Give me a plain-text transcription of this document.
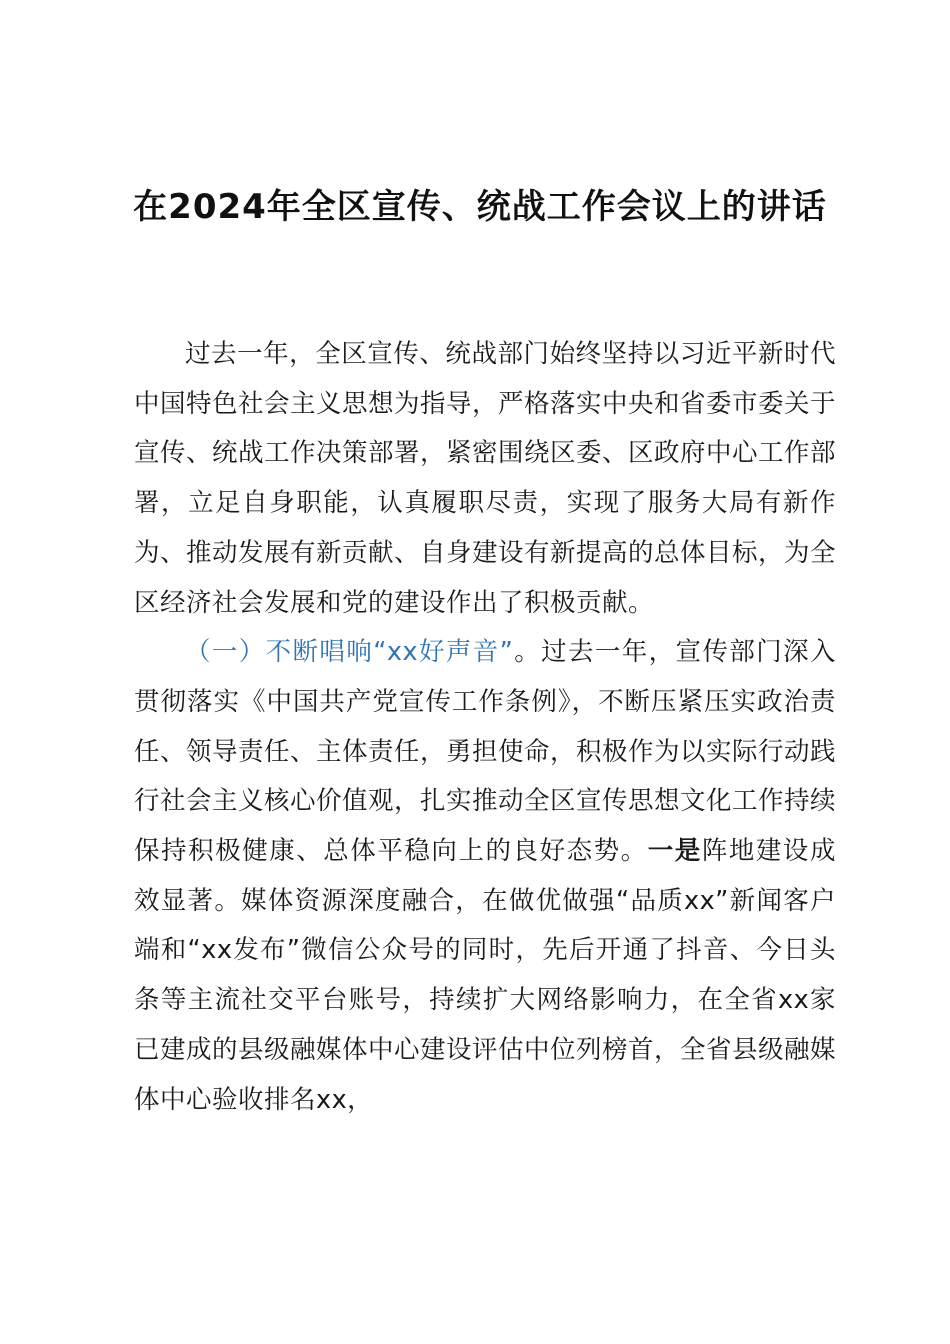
在2024年全区宣传、统战工作会议上的讲话

过去一年，全区宣传、统战部门始终坚持以习近平新时代中国特色社会主义思想为指导，严格落实中央和省委市委关于宣传、统战工作决策部署，紧密围绕区委、区政府中心工作部署，立足自身职能，认真履职尽责，实现了服务大局有新作为、推动发展有新贡献、自身建设有新提高的总体目标，为全区经济社会发展和党的建设作出了积极贡献。

（一）不断唱响“xx好声音”。过去一年，宣传部门深入贯彻落实《中国共产党宣传工作条例》，不断压紧压实政治责任、领导责任、主体责任，勇担使命，积极作为以实际行动践行社会主义核心价值观，扎实推动全区宣传思想文化工作持续保持积极健康、总体平稳向上的良好态势。一是阵地建设成效显著。媒体资源深度融合，在做优做强“品质xx”新闻客户端和“xx发布”微信公众号的同时，先后开通了抖音、今日头条等主流社交平台账号，持续扩大网络影响力，在全省xx家已建成的县级融媒体中心建设评估中位列榜首，全省县级融媒体中心验收排名xx，
